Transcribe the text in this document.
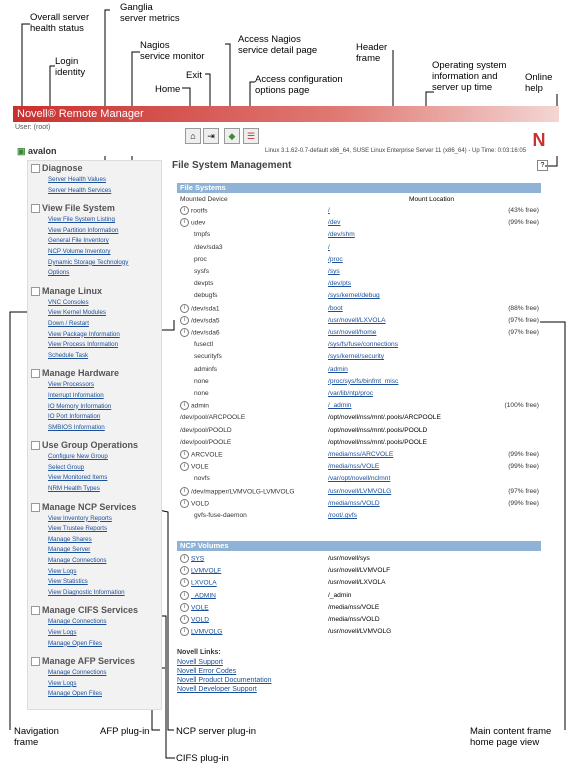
Overall server
health status
Ganglia
server metrics
Login
identity
Nagios
service monitor
Access Nagios
service detail page	Header
frame
Operating system
information and
server up time
Online
help
Exit
Home
Access configuration
options page
Navigation
frame
AFP plug-in	NCP server plug-in
CIFS plug-in
Main content frame
home page view
Novell® Remote Manager
User: (root)
⌂	⇥	◆	☰
Linux 3.1.62-0.7-default x86_64, SUSE Linux Enterprise Server 11 (x86_64) - Up Time: 0:03:16:05
N
▣ avalon
Diagnose
Server Health Values
Server Health Services
View File System
View File System Listing
View Partition Information
General File Inventory
NCP Volume Inventory
Dynamic Storage Technology
Options
Manage Linux
VNC Consoles
View Kernel Modules
Down / Restart
View Package Information
View Process Information
Schedule Task
Manage Hardware
View Processors
Interrupt Information
IO Memory Information
IO Port Information
SMBIOS Information
Use Group Operations
Configure New Group
Select Group
View Monitored Items
NRM Health Types
Manage NCP Services
View Inventory Reports
View Trustee Reports
Manage Shares
Manage Server
Manage Connections
View Logs
View Statistics
View Diagnostic Information
Manage CIFS Services
Manage Connections
View Logs
Manage Open Files
Manage AFP Services
Manage Connections
View Logs
Manage Open Files
File System Management	?
File Systems
Mounted Device	Mount Location
i rootfs	/	(43% free)
i udev	/dev	(99% free)
tmpfs	/dev/shm
/dev/sda3	/
proc	/proc
sysfs	/sys
devpts	/dev/pts
debugfs	/sys/kernel/debug
i /dev/sda1	/boot	(88% free)
i /dev/sda5	/usr/novell/LXVOLA	(97% free)
i /dev/sda6	/usr/novell/home	(97% free)
fusectl	/sys/fs/fuse/connections
securityfs	/sys/kernel/security
adminfs	/admin
none	/proc/sys/fs/binfmt_misc
none	/var/lib/ntp/proc
i admin	/_admin	(100% free)
/dev/pool/ARCPOOLE	/opt/novell/nss/mnt/.pools/ARCPOOLE
/dev/pool/POOLD	/opt/novell/nss/mnt/.pools/POOLD
/dev/pool/POOLE	/opt/novell/nss/mnt/.pools/POOLE
i ARCVOLE	/media/nss/ARCVOLE	(99% free)
i VOLE	/media/nss/VOLE	(99% free)
novfs	/var/opt/novell/nclmnt
i /dev/mapper/LVMVOLG-LVMVOLG	/usr/novell/LVMVOLG	(97% free)
i VOLD	/media/nss/VOLD	(99% free)
gvfs-fuse-daemon	/root/.gvfs
NCP Volumes
i SYS	/usr/novell/sys
i LVMVOLF	/usr/novell/LVMVOLF
i LXVOLA	/usr/novell/LXVOLA
i _ADMIN	/_admin
i VOLE	/media/nss/VOLE
i VOLD	/media/nss/VOLD
i LVMVOLG	/usr/novell/LVMVOLG
Novell Links:
Novell Support
Novell Error Codes
Novell Product Documentation
Novell Developer Support
